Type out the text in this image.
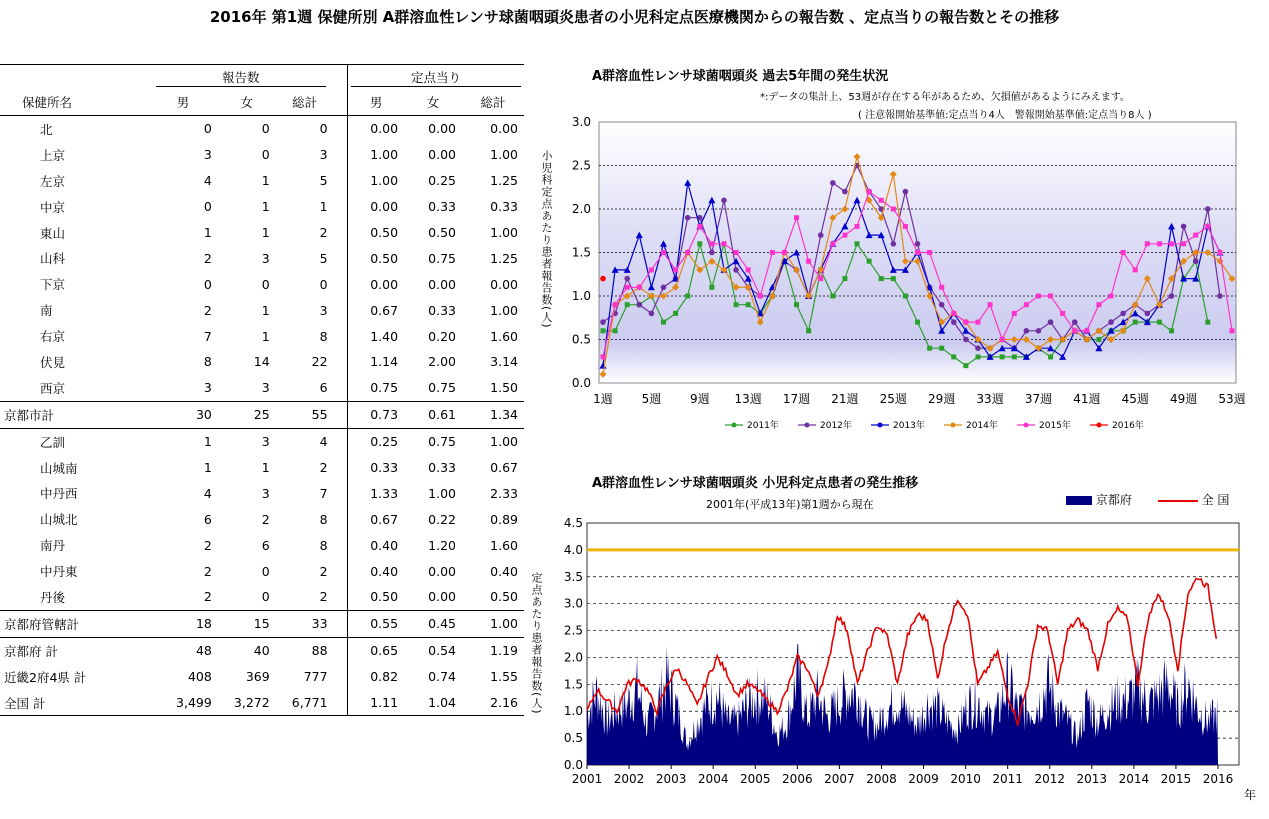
2016年 第1週 保健所別 A群溶血性レンサ球菌咽頭炎患者の小児科定点医療機関からの報告数 、定点当りの報告数とその推移
	報告数				定点当り		
保健所名	男	女	総計		男	女	総計
北	0	0	0		0.00	0.00	0.00
上京	3	0	3		1.00	0.00	1.00
左京	4	1	5		1.00	0.25	1.25
中京	0	1	1		0.00	0.33	0.33
東山	1	1	2		0.50	0.50	1.00
山科	2	3	5		0.50	0.75	1.25
下京	0	0	0		0.00	0.00	0.00
南	2	1	3		0.67	0.33	1.00
右京	7	1	8		1.40	0.20	1.60
伏見	8	14	22		1.14	2.00	3.14
西京	3	3	6		0.75	0.75	1.50
京都市計	30	25	55		0.73	0.61	1.34
乙訓	1	3	4		0.25	0.75	1.00
山城南	1	1	2		0.33	0.33	0.67
中丹西	4	3	7		1.33	1.00	2.33
山城北	6	2	8		0.67	0.22	0.89
南丹	2	6	8		0.40	1.20	1.60
中丹東	2	0	2		0.40	0.00	0.40
丹後	2	0	2		0.50	0.00	0.50
京都府管轄計	18	15	33		0.55	0.45	1.00
京都府 計	48	40	88		0.65	0.54	1.19
近畿2府4県 計	408	369	777		0.82	0.74	1.55
全国 計	3,499	3,272	6,771		1.11	1.04	2.16
A群溶血性レンサ球菌咽頭炎 過去5年間の発生状況
*:データの集計上、53週が存在する年があるため、欠損値があるようにみえます。
( 注意報開始基準値:定点当り4人　警報開始基準値:定点当り8人 )
小児科定点あたり患者報告数(人)
0.0
0.5
1.0
1.5
2.0
2.5
3.0
1週 5週 9週 13週 17週 21週 25週 29週 33週 37週 41週 45週 49週 53週
2011年	2012年	2013年	2014年	2015年	2016年
A群溶血性レンサ球菌咽頭炎 小児科定点患者の発生推移
2001年(平成13年)第1週から現在
定点あたり患者報告数(人)
京都府	全 国
年
0.0
0.5
1.0
1.5
2.0
2.5
3.0
3.5
4.0
4.5
2001 2002 2003 2004 2005 2006 2007 2008 2009 2010 2011 2012 2013 2014 2015 2016
